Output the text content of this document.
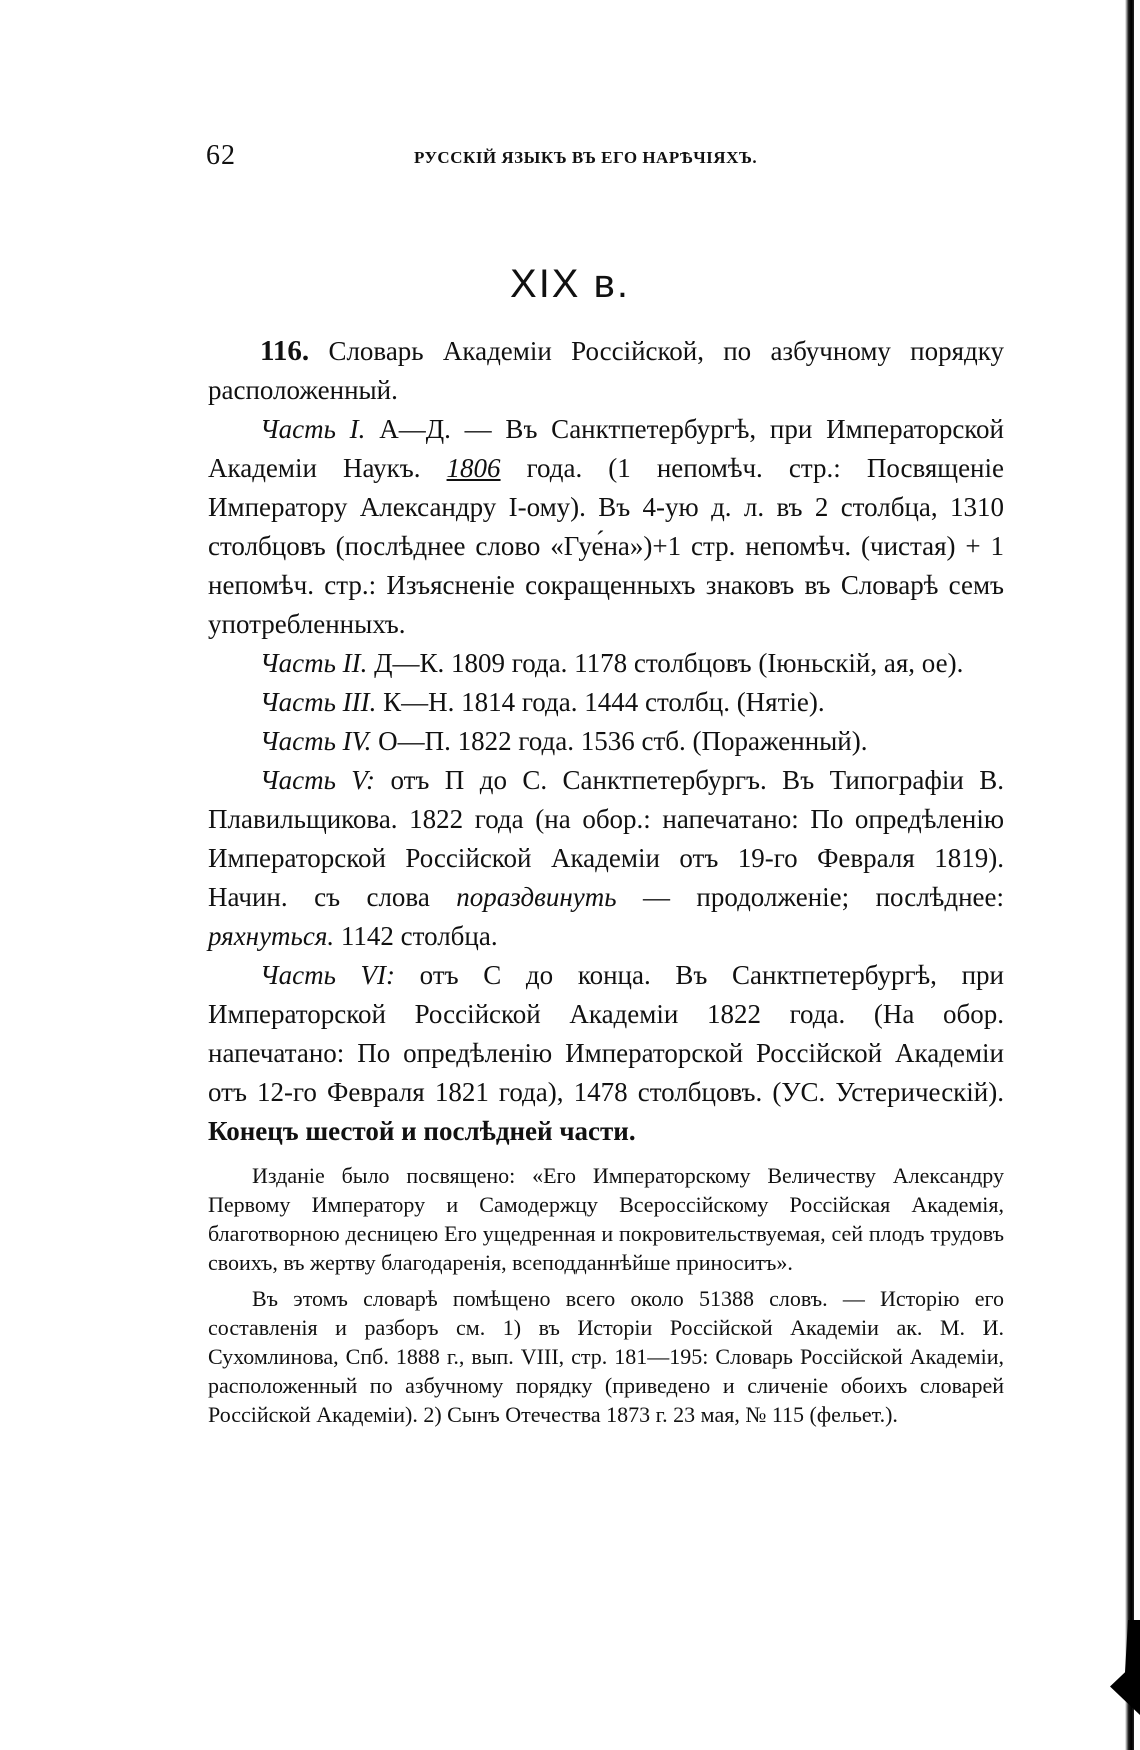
62	РУССКІЙ ЯЗЫКЪ ВЪ ЕГО НАРѢЧІЯХЪ.
XIX в.

116. Словарь Академіи Россійской, по азбучному порядку расположенный.

Часть I. А—Д. — Въ Санктпетербургѣ, при Императорской Академіи Наукъ. 1806 года. (1 непомѣч. стр.: Посвященіе Императору Александру I-ому). Въ 4-ую д. л. въ 2 столбца, 1310 столбцовъ (послѣднее слово «Гуе́на»)+1 стр. непомѣч. (чистая) + 1 непомѣч. стр.: Изъясненіе сокращенныхъ знаковъ въ Словарѣ семъ употребленныхъ.

Часть II. Д—К. 1809 года. 1178 столбцовъ (Іюньскій, ая, ое).

Часть III. К—Н. 1814 года. 1444 столбц. (Нятіе).

Часть IV. О—П. 1822 года. 1536 стб. (Пораженный).

Часть V: отъ П до С. Санктпетербургъ. Въ Типографіи В. Плавильщикова. 1822 года (на обор.: напечатано: По опредѣленію Императорской Россійской Академіи отъ 19-го Февраля 1819). Начин. съ слова пораздвинуть — продолженіе; послѣднее: ряхнуться. 1142 столбца.

Часть VI: отъ С до конца. Въ Санктпетербургѣ, при Императорской Россійской Академіи 1822 года. (На обор. напечатано: По опредѣленію Императорской Россійской Академіи отъ 12-го Февраля 1821 года), 1478 столбцовъ. (УС. Устерическій). Конецъ шестой и послѣдней части.

Изданіе было посвящено: «Его Императорскому Величеству Александру Первому Императору и Самодержцу Всероссійскому Россійская Академія, благотворною десницею Его ущедренная и покровительствуемая, сей плодъ трудовъ своихъ, въ жертву благодаренія, всеподданнѣйше приноситъ».

Въ этомъ словарѣ помѣщено всего около 51388 словъ. — Исторію его составленія и разборъ см. 1) въ Исторіи Россійской Академіи ак. М. И. Сухомлинова, Спб. 1888 г., вып. VIII, стр. 181—195: Словарь Россійской Академіи, расположенный по азбучному порядку (приведено и сличеніе обоихъ словарей Россійской Академіи). 2) Сынъ Отечества 1873 г. 23 мая, № 115 (фельет.).
